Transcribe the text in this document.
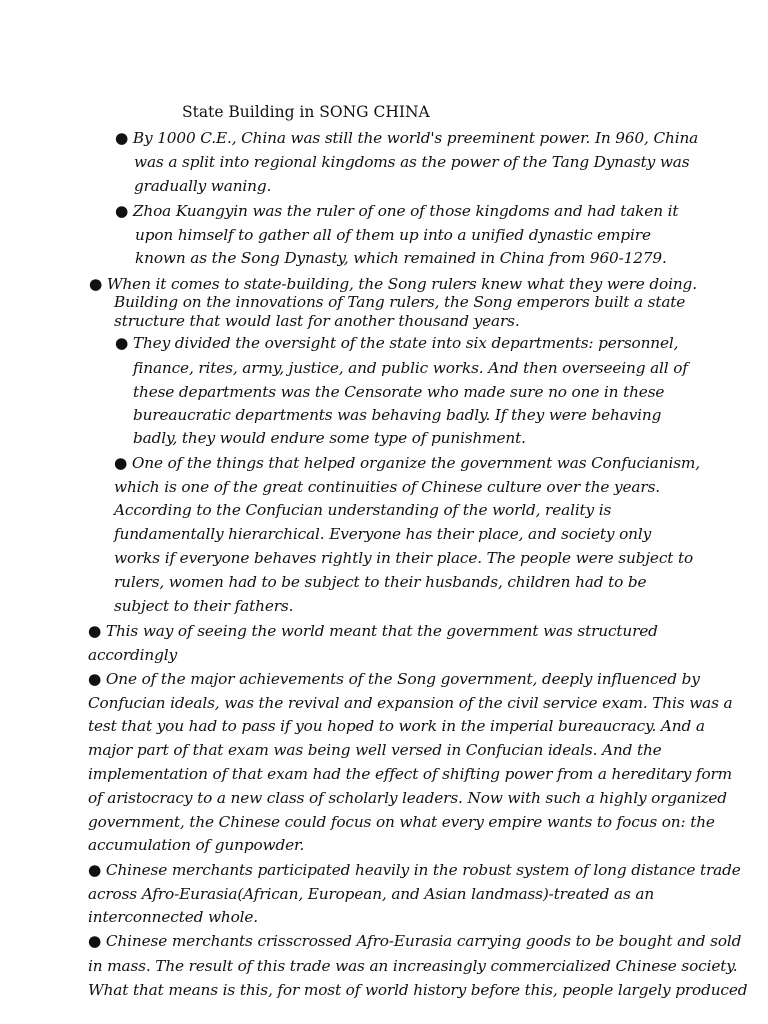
State Building in SONG CHINA
● By 1000 C.E., China was still the world's preeminent power. In 960, China
was a split into regional kingdoms as the power of the Tang Dynasty was
gradually waning.
● Zhoa Kuangyin was the ruler of one of those kingdoms and had taken it
upon himself to gather all of them up into a unified dynastic empire
known as the Song Dynasty, which remained in China from 960-1279.
● When it comes to state-building, the Song rulers knew what they were doing.
Building on the innovations of Tang rulers, the Song emperors built a state
structure that would last for another thousand years.
● They divided the oversight of the state into six departments: personnel,
finance, rites, army, justice, and public works. And then overseeing all of
these departments was the Censorate who made sure no one in these
bureaucratic departments was behaving badly. If they were behaving
badly, they would endure some type of punishment.
● One of the things that helped organize the government was Confucianism,
which is one of the great continuities of Chinese culture over the years.
According to the Confucian understanding of the world, reality is
fundamentally hierarchical. Everyone has their place, and society only
works if everyone behaves rightly in their place. The people were subject to
rulers, women had to be subject to their husbands, children had to be
subject to their fathers.
● This way of seeing the world meant that the government was structured
accordingly
● One of the major achievements of the Song government, deeply influenced by
Confucian ideals, was the revival and expansion of the civil service exam. This was a
test that you had to pass if you hoped to work in the imperial bureaucracy. And a
major part of that exam was being well versed in Confucian ideals. And the
implementation of that exam had the effect of shifting power from a hereditary form
of aristocracy to a new class of scholarly leaders. Now with such a highly organized
government, the Chinese could focus on what every empire wants to focus on: the
accumulation of gunpowder.
● Chinese merchants participated heavily in the robust system of long distance trade
across Afro-Eurasia(African, European, and Asian landmass)-treated as an
interconnected whole.
● Chinese merchants crisscrossed Afro-Eurasia carrying goods to be bought and sold
in mass. The result of this trade was an increasingly commercialized Chinese society.
What that means is this, for most of world history before this, people largely produced
